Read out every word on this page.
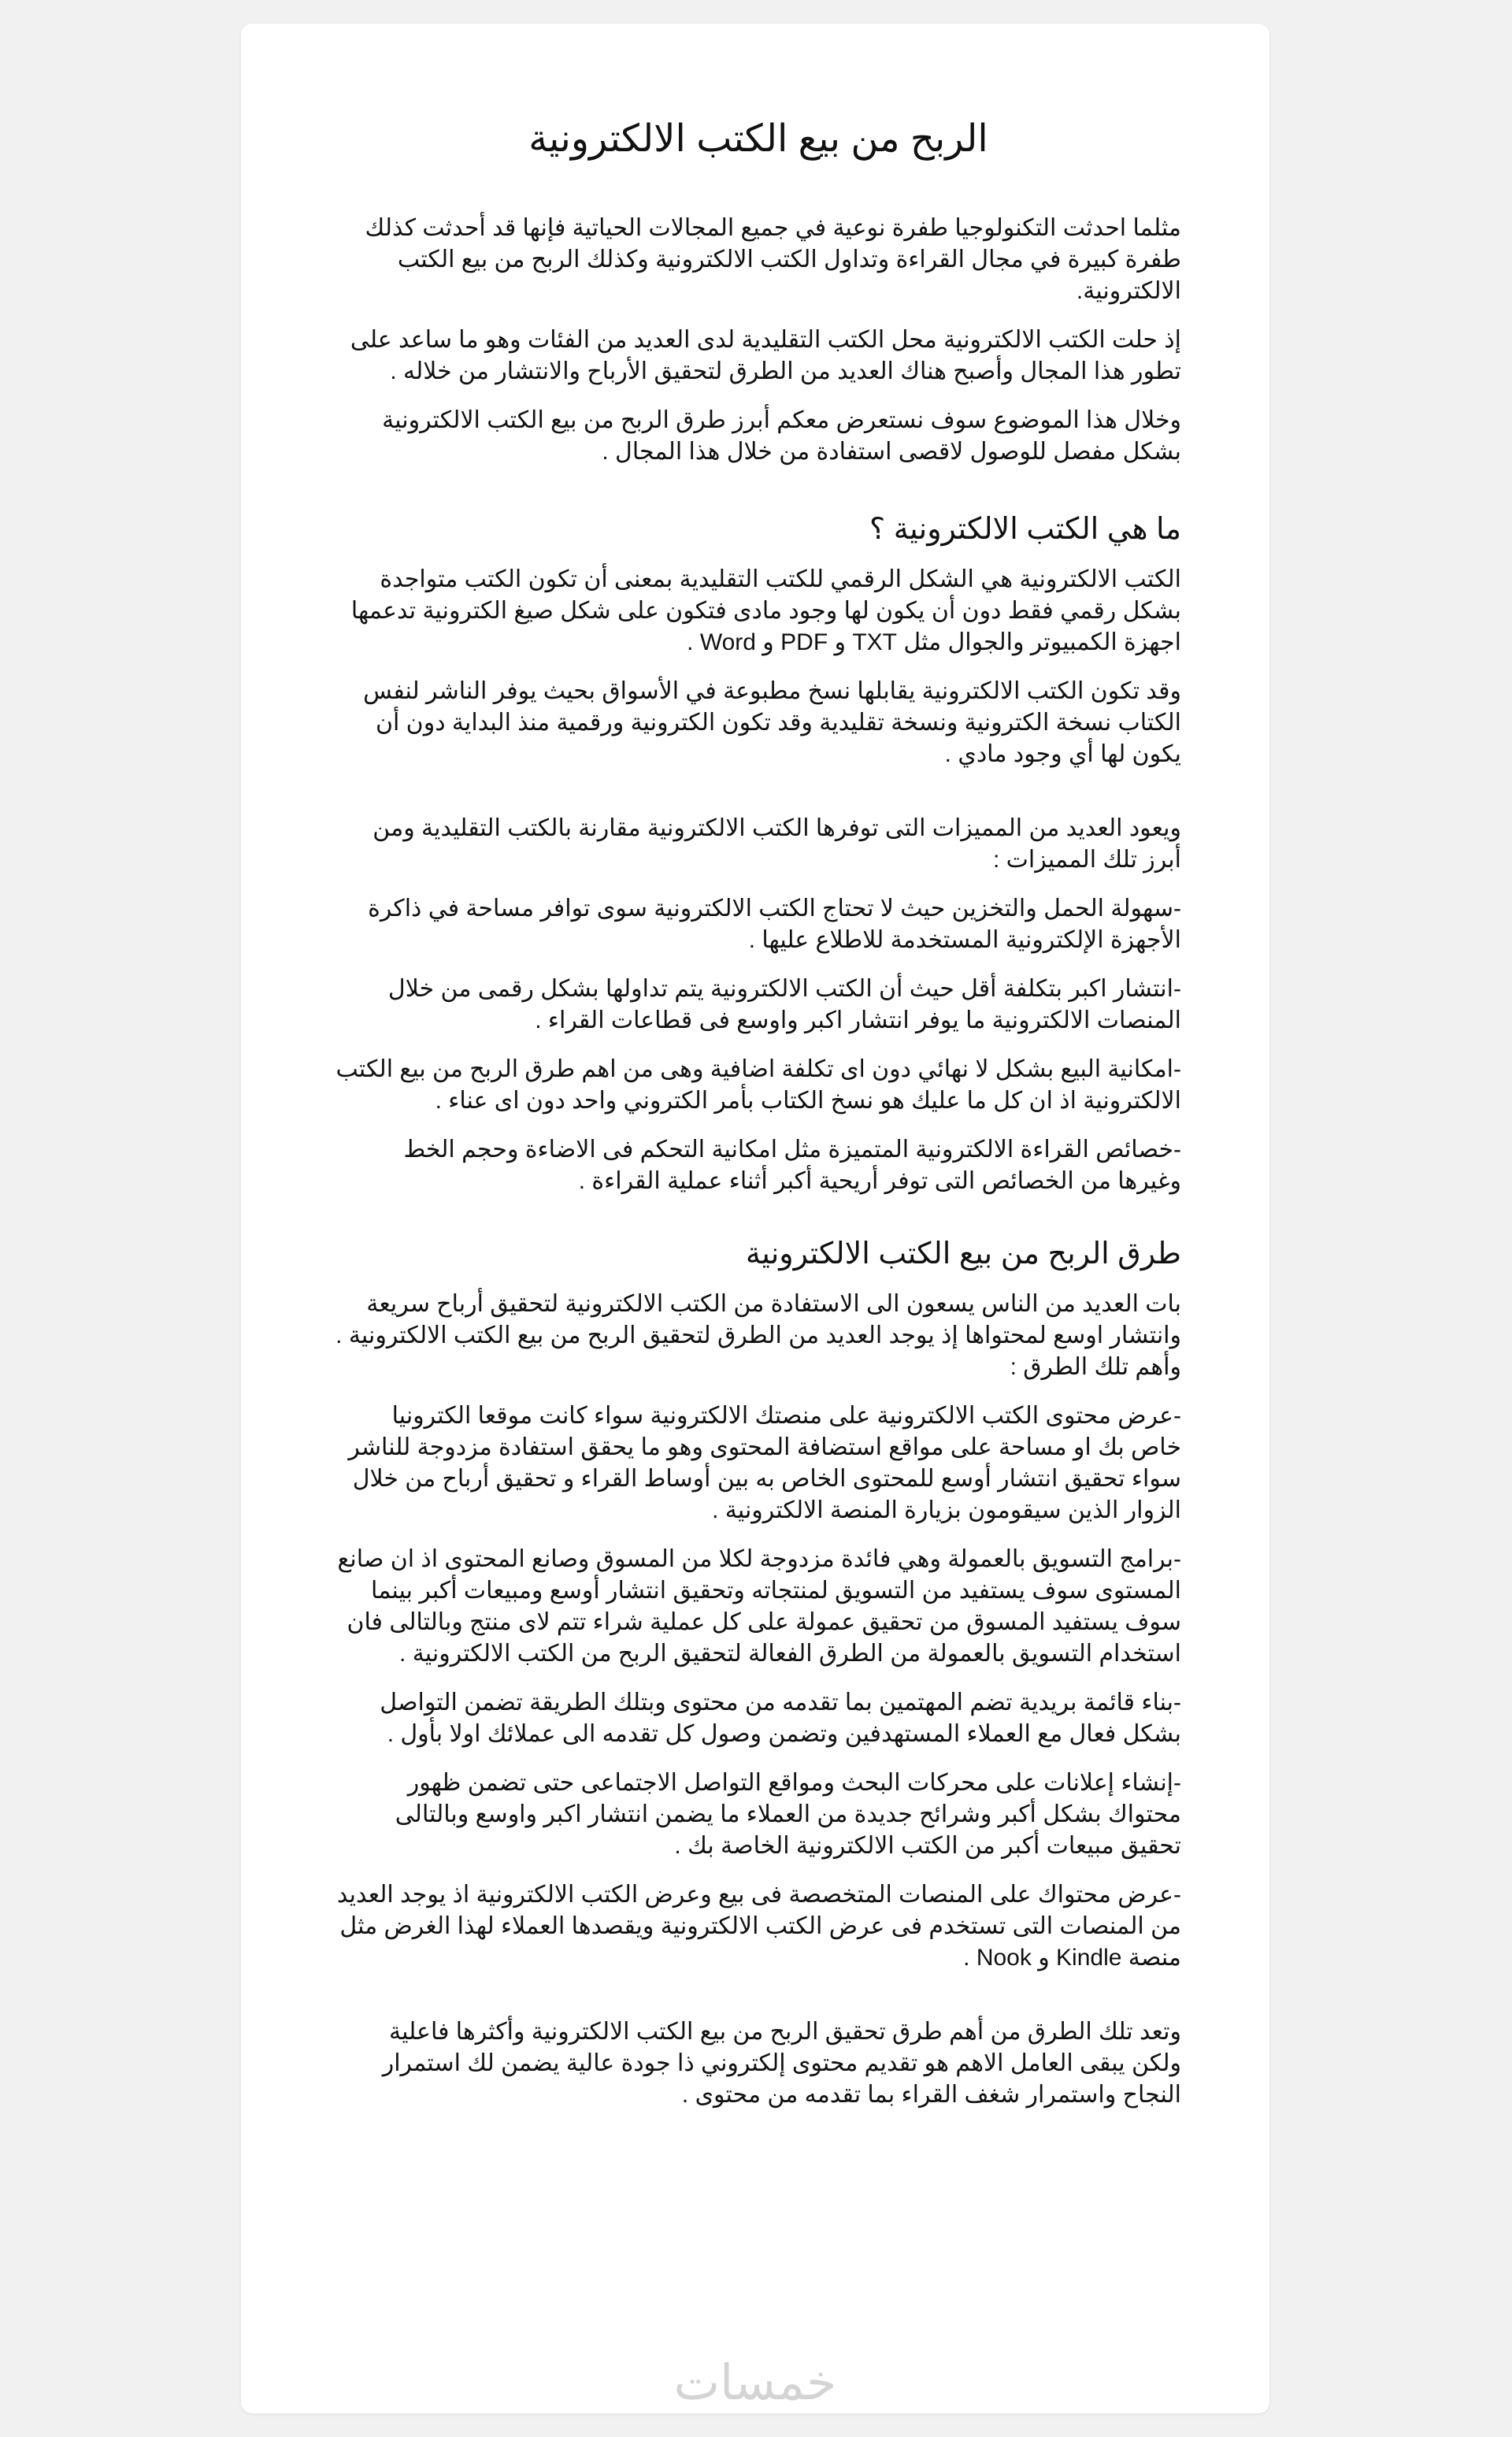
الربح من بيع الكتب الالكترونية

مثلما احدثت التكنولوجيا طفرة نوعية في جميع المجالات الحياتية فإنها قد أحدثت كذلك طفرة كبيرة في مجال القراءة وتداول الكتب الالكترونية وكذلك الربح من بيع الكتب الالكترونية.

إذ حلت الكتب الالكترونية محل الكتب التقليدية لدى العديد من الفئات وهو ما ساعد على تطور هذا المجال وأصبح هناك العديد من الطرق لتحقيق الأرباح والانتشار من خلاله .

وخلال هذا الموضوع سوف نستعرض معكم أبرز طرق الربح من بيع الكتب الالكترونية بشكل مفصل للوصول لاقصى استفادة من خلال هذا المجال .

ما هي الكتب الالكترونية ؟

الكتب الالكترونية هي الشكل الرقمي للكتب التقليدية بمعنى أن تكون الكتب متواجدة بشكل رقمي فقط دون أن يكون لها وجود مادى فتكون على شكل صيغ الكترونية تدعمها اجهزة الكمبيوتر والجوال مثل TXT و PDF و Word .

وقد تكون الكتب الالكترونية يقابلها نسخ مطبوعة في الأسواق بحيث يوفر الناشر لنفس الكتاب نسخة الكترونية ونسخة تقليدية وقد تكون الكترونية ورقمية منذ البداية دون أن يكون لها أي وجود مادي .

ويعود العديد من المميزات التى توفرها الكتب الالكترونية مقارنة بالكتب التقليدية ومن أبرز تلك المميزات :

-سهولة الحمل والتخزين حيث لا تحتاج الكتب الالكترونية سوى توافر مساحة في ذاكرة الأجهزة الإلكترونية المستخدمة للاطلاع عليها .

-انتشار اكبر بتكلفة أقل حيث أن الكتب الالكترونية يتم تداولها بشكل رقمى من خلال المنصات الالكترونية ما يوفر انتشار اكبر واوسع فى قطاعات القراء .

-امكانية البيع بشكل لا نهائي دون اى تكلفة اضافية وهى من اهم طرق الربح من بيع الكتب الالكترونية اذ ان كل ما عليك هو نسخ الكتاب بأمر الكتروني واحد دون اى عناء .

-خصائص القراءة الالكترونية المتميزة مثل امكانية التحكم فى الاضاءة وحجم الخط وغيرها من الخصائص التى توفر أريحية أكبر أثناء عملية القراءة .

طرق الربح من بيع الكتب الالكترونية

بات العديد من الناس يسعون الى الاستفادة من الكتب الالكترونية لتحقيق أرباح سريعة وانتشار اوسع لمحتواها إذ يوجد العديد من الطرق لتحقيق الربح من بيع الكتب الالكترونية . وأهم تلك الطرق :

-عرض محتوى الكتب الالكترونية على منصتك الالكترونية سواء كانت موقعا الكترونيا خاص بك او مساحة على مواقع استضافة المحتوى وهو ما يحقق استفادة مزدوجة للناشر سواء تحقيق انتشار أوسع للمحتوى الخاص به بين أوساط القراء و تحقيق أرباح من خلال الزوار الذين سيقومون بزيارة المنصة الالكترونية .

-برامج التسويق بالعمولة وهي فائدة مزدوجة لكلا من المسوق وصانع المحتوى اذ ان صانع المستوى سوف يستفيد من التسويق لمنتجاته وتحقيق انتشار أوسع ومبيعات أكبر بينما سوف يستفيد المسوق من تحقيق عمولة على كل عملية شراء تتم لاى منتج وبالتالى فان استخدام التسويق بالعمولة من الطرق الفعالة لتحقيق الربح من الكتب الالكترونية .

-بناء قائمة بريدية تضم المهتمين بما تقدمه من محتوى وبتلك الطريقة تضمن التواصل بشكل فعال مع العملاء المستهدفين وتضمن وصول كل تقدمه الى عملائك اولا بأول .

-إنشاء إعلانات على محركات البحث ومواقع التواصل الاجتماعى حتى تضمن ظهور محتواك بشكل أكبر وشرائح جديدة من العملاء ما يضمن انتشار اكبر واوسع وبالتالى تحقيق مبيعات أكبر من الكتب الالكترونية الخاصة بك .

-عرض محتواك على المنصات المتخصصة فى بيع وعرض الكتب الالكترونية اذ يوجد العديد من المنصات التى تستخدم فى عرض الكتب الالكترونية ويقصدها العملاء لهذا الغرض مثل منصة Kindle و Nook .

وتعد تلك الطرق من أهم طرق تحقيق الربح من بيع الكتب الالكترونية وأكثرها فاعلية ولكن يبقى العامل الاهم هو تقديم محتوى إلكتروني ذا جودة عالية يضمن لك استمرار النجاح واستمرار شغف القراء بما تقدمه من محتوى .

خمسات
